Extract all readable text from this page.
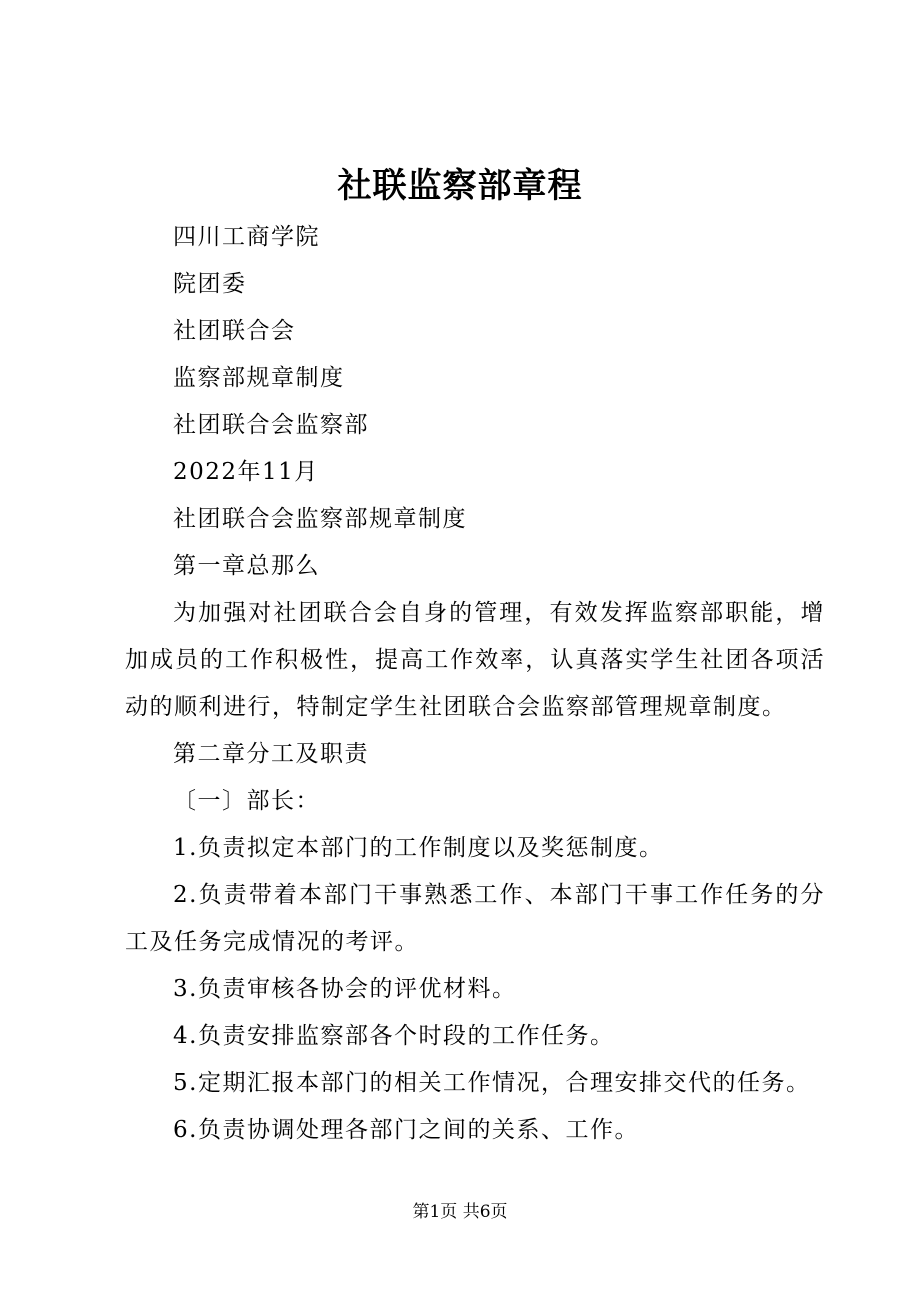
社联监察部章程

四川工商学院

院团委

社团联合会

监察部规章制度

社团联合会监察部

2022年11月

社团联合会监察部规章制度

第一章总那么

为加强对社团联合会自身的管理，有效发挥监察部职能，增加成员的工作积极性，提高工作效率，认真落实学生社团各项活动的顺利进行，特制定学生社团联合会监察部管理规章制度。

第二章分工及职责

〔一〕部长：

1.负责拟定本部门的工作制度以及奖惩制度。

2.负责带着本部门干事熟悉工作、本部门干事工作任务的分工及任务完成情况的考评。

3.负责审核各协会的评优材料。

4.负责安排监察部各个时段的工作任务。

5.定期汇报本部门的相关工作情况，合理安排交代的任务。

6.负责协调处理各部门之间的关系、工作。

第1页 共6页
